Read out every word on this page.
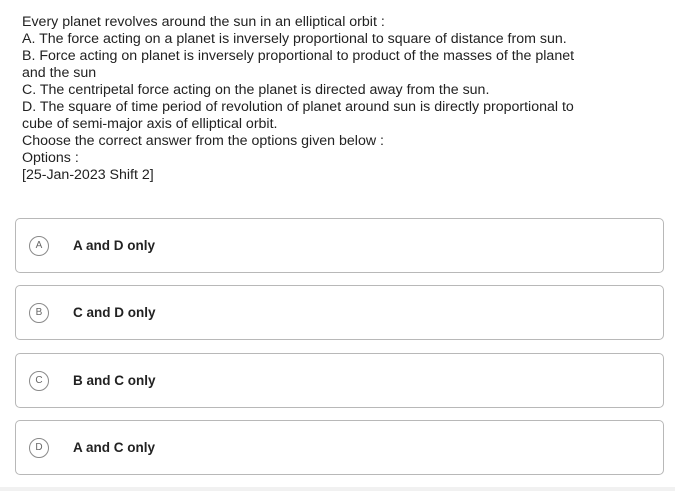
Every planet revolves around the sun in an elliptical orbit :
A. The force acting on a planet is inversely proportional to square of distance from sun.
B. Force acting on planet is inversely proportional to product of the masses of the planet
and the sun
C. The centripetal force acting on the planet is directed away from the sun.
D. The square of time period of revolution of planet around sun is directly proportional to
cube of semi-major axis of elliptical orbit.
Choose the correct answer from the options given below :
Options :
[25-Jan-2023 Shift 2]
A	A and D only
B	C and D only
C	B and C only
D	A and C only
